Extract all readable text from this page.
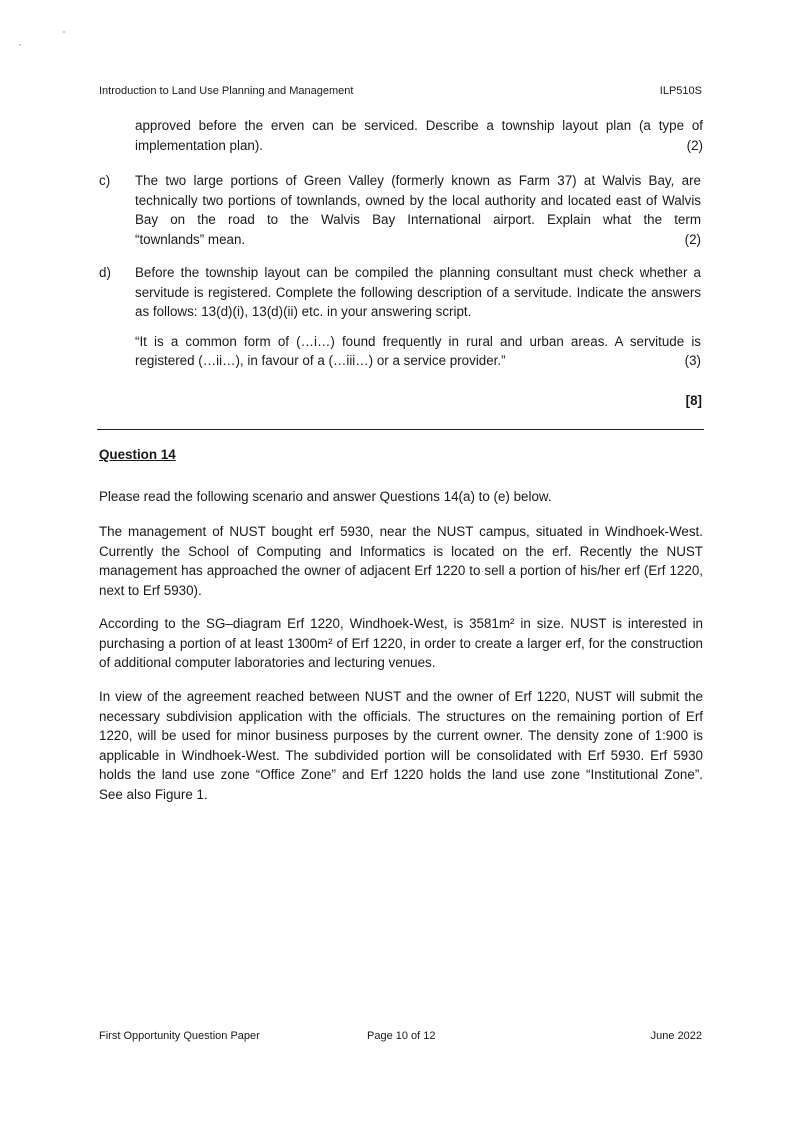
Introduction to Land Use Planning and Management	ILP510S
approved before the erven can be serviced. Describe a township layout plan (a type of
implementation plan).	(2)
c) The two large portions of Green Valley (formerly known as Farm 37) at Walvis Bay, are technically two portions of townlands, owned by the local authority and located east of Walvis Bay on the road to the Walvis Bay International airport. Explain what the term
“townlands” mean.	(2)
d) Before the township layout can be compiled the planning consultant must check whether a servitude is registered. Complete the following description of a servitude. Indicate the answers as follows: 13(d)(i), 13(d)(ii) etc. in your answering script.
“It is a common form of (…i…) found frequently in rural and urban areas. A servitude is
registered (…ii…), in favour of a (…iii…) or a service provider.”	(3)
[8]
Question 14
Please read the following scenario and answer Questions 14(a) to (e) below.
The management of NUST bought erf 5930, near the NUST campus, situated in Windhoek-West. Currently the School of Computing and Informatics is located on the erf. Recently the NUST management has approached the owner of adjacent Erf 1220 to sell a portion of his/her erf (Erf 1220, next to Erf 5930).
According to the SG–diagram Erf 1220, Windhoek-West, is 3581m² in size. NUST is interested in purchasing a portion of at least 1300m² of Erf 1220, in order to create a larger erf, for the construction of additional computer laboratories and lecturing venues.
In view of the agreement reached between NUST and the owner of Erf 1220, NUST will submit the necessary subdivision application with the officials. The structures on the remaining portion of Erf 1220, will be used for minor business purposes by the current owner. The density zone of 1:900 is applicable in Windhoek-West. The subdivided portion will be consolidated with Erf 5930. Erf 5930 holds the land use zone “Office Zone” and Erf 1220 holds the land use zone “Institutional Zone”.
See also Figure 1.
First Opportunity Question Paper	Page 10 of 12	June 2022
